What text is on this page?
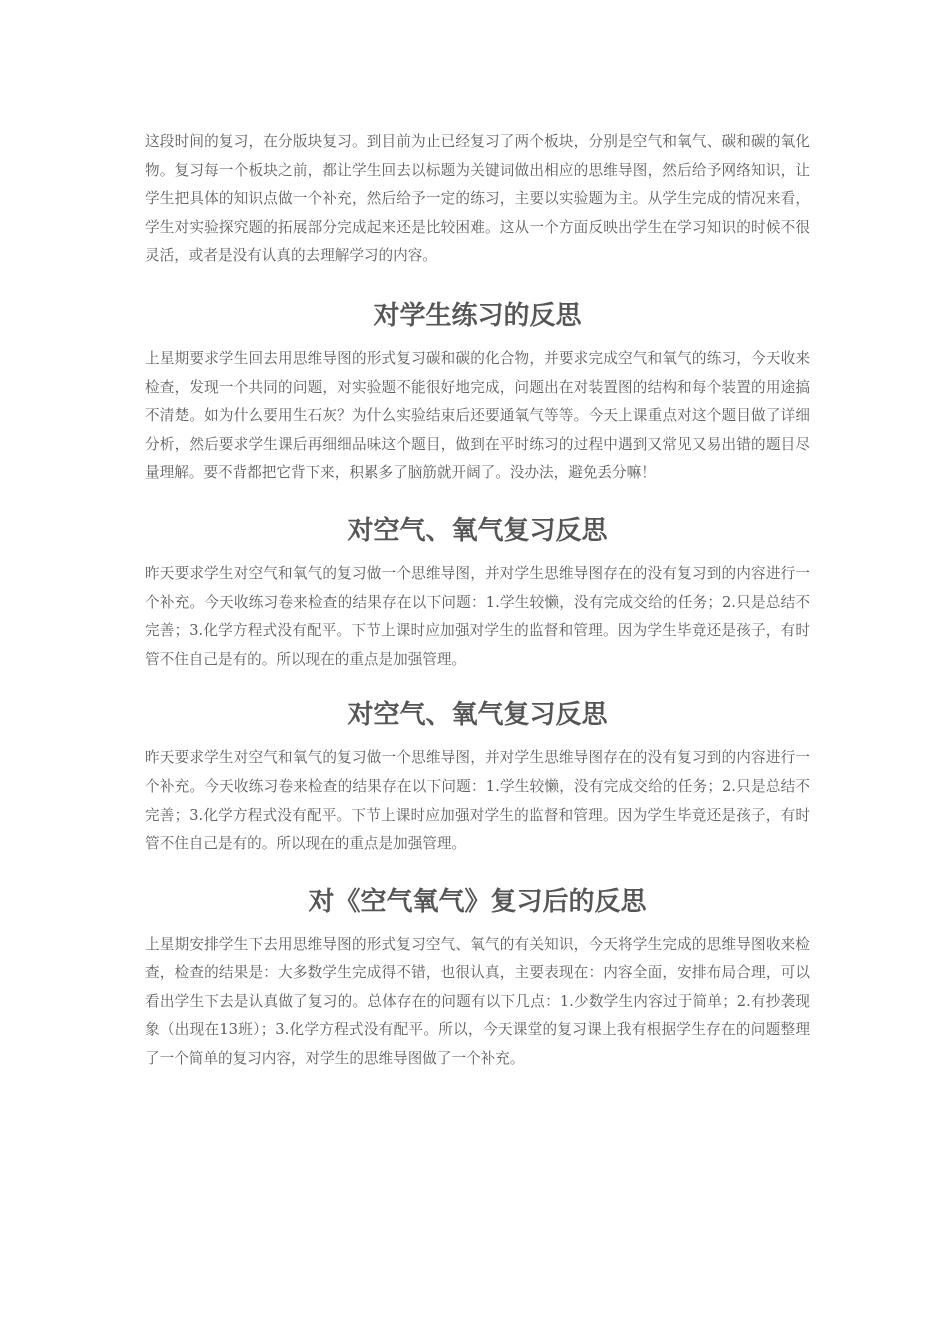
这段时间的复习，在分版块复习。到目前为止已经复习了两个板块，分别是空气和氧气、碳和碳的氧化物。复习每一个板块之前，都让学生回去以标题为关键词做出相应的思维导图，然后给予网络知识，让学生把具体的知识点做一个补充，然后给予一定的练习，主要以实验题为主。从学生完成的情况来看，学生对实验探究题的拓展部分完成起来还是比较困难。这从一个方面反映出学生在学习知识的时候不很灵活，或者是没有认真的去理解学习的内容。

对学生练习的反思

上星期要求学生回去用思维导图的形式复习碳和碳的化合物，并要求完成空气和氧气的练习，今天收来检查，发现一个共同的问题，对实验题不能很好地完成，问题出在对装置图的结构和每个装置的用途搞不清楚。如为什么要用生石灰？为什么实验结束后还要通氧气等等。今天上课重点对这个题目做了详细分析，然后要求学生课后再细细品味这个题目，做到在平时练习的过程中遇到又常见又易出错的题目尽量理解。要不背都把它背下来，积累多了脑筋就开阔了。没办法，避免丢分嘛！

对空气、氧气复习反思

昨天要求学生对空气和氧气的复习做一个思维导图，并对学生思维导图存在的没有复习到的内容进行一个补充。今天收练习卷来检查的结果存在以下问题：1.学生较懒，没有完成交给的任务；2.只是总结不完善；3.化学方程式没有配平。下节上课时应加强对学生的监督和管理。因为学生毕竟还是孩子，有时管不住自己是有的。所以现在的重点是加强管理。

对空气、氧气复习反思

昨天要求学生对空气和氧气的复习做一个思维导图，并对学生思维导图存在的没有复习到的内容进行一个补充。今天收练习卷来检查的结果存在以下问题：1.学生较懒，没有完成交给的任务；2.只是总结不完善；3.化学方程式没有配平。下节上课时应加强对学生的监督和管理。因为学生毕竟还是孩子，有时管不住自己是有的。所以现在的重点是加强管理。

对《空气氧气》复习后的反思

上星期安排学生下去用思维导图的形式复习空气、氧气的有关知识，今天将学生完成的思维导图收来检查，检查的结果是：大多数学生完成得不错，也很认真，主要表现在：内容全面，安排布局合理，可以看出学生下去是认真做了复习的。总体存在的问题有以下几点：1.少数学生内容过于简单；2.有抄袭现象（出现在13班）；3.化学方程式没有配平。所以，今天课堂的复习课上我有根据学生存在的问题整理了一个简单的复习内容，对学生的思维导图做了一个补充。
